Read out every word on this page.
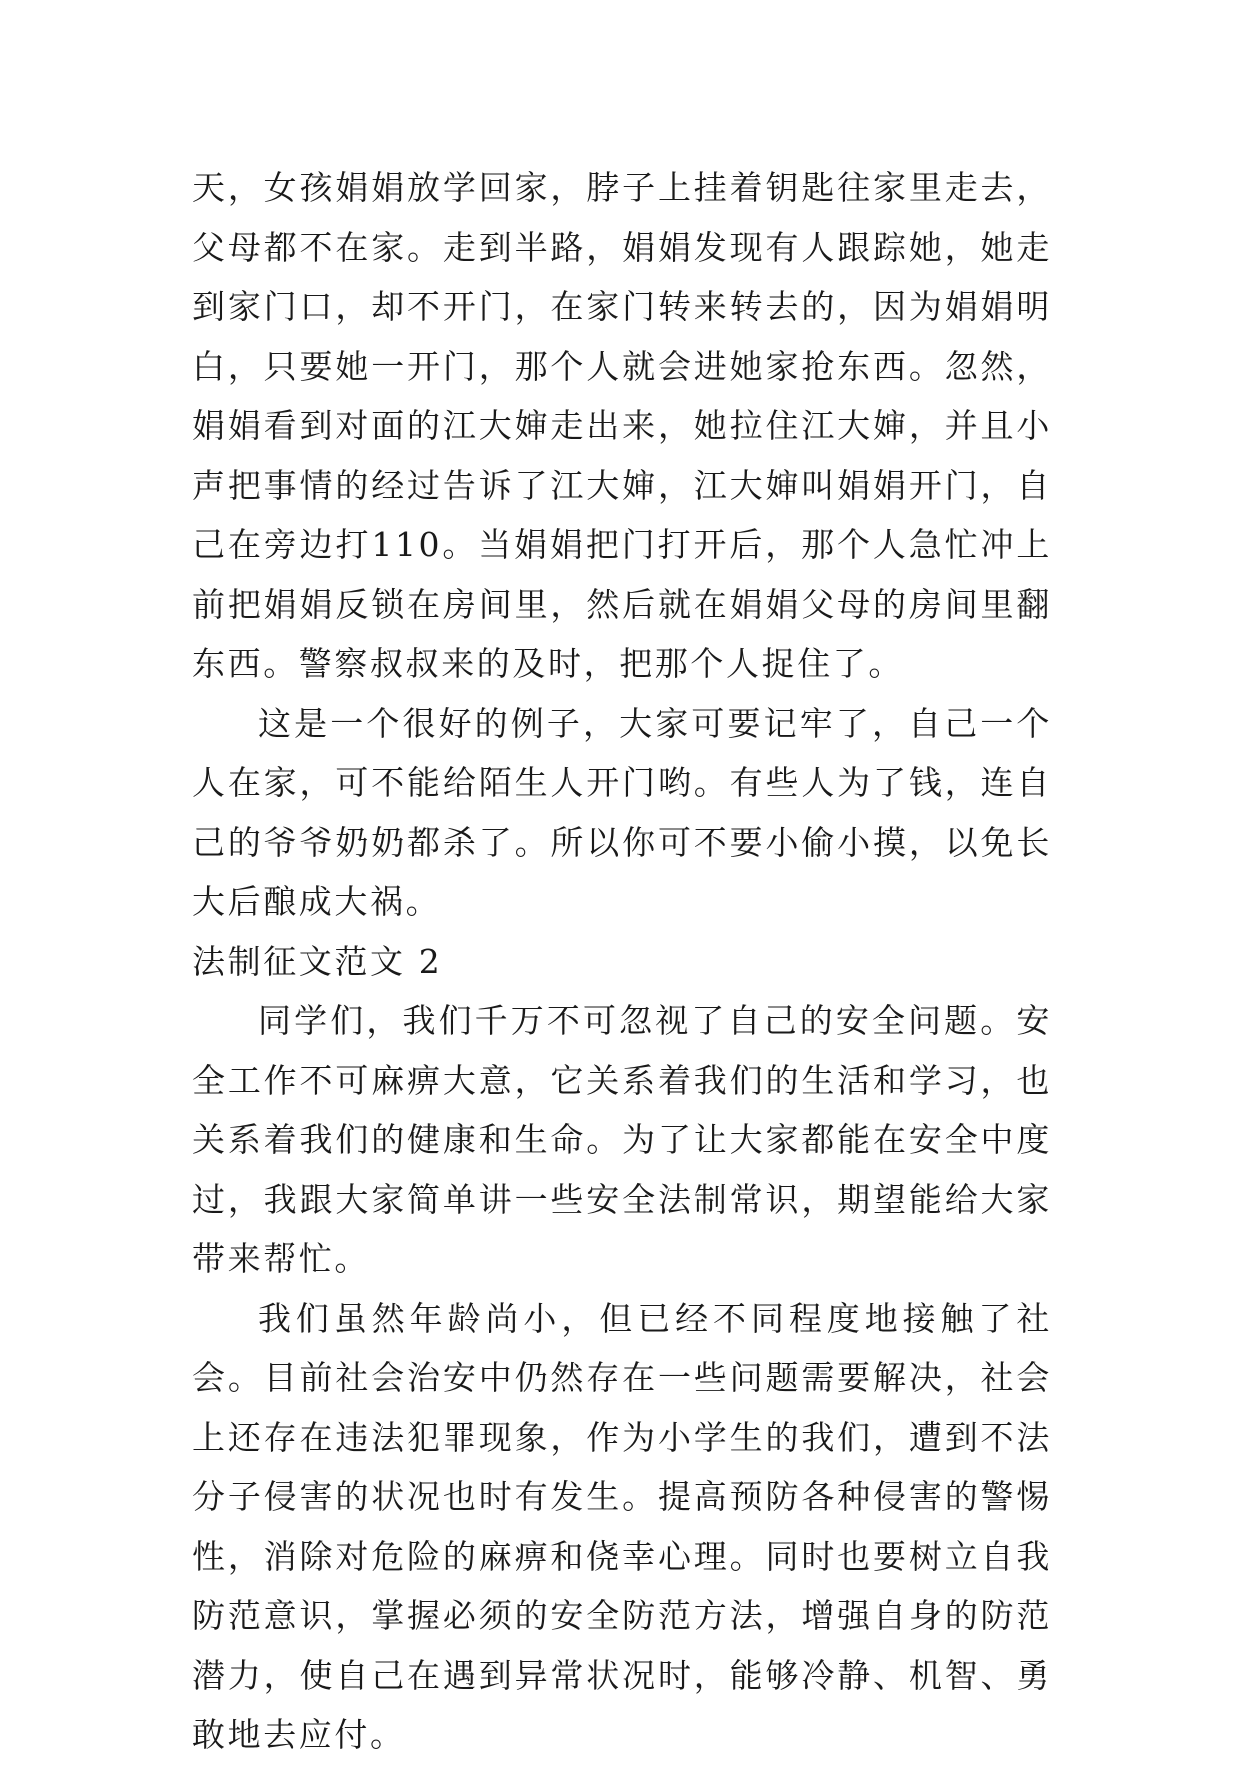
天，女孩娟娟放学回家，脖子上挂着钥匙往家里走去，父母都不在家。走到半路，娟娟发现有人跟踪她，她走到家门口，却不开门，在家门转来转去的，因为娟娟明白，只要她一开门，那个人就会进她家抢东西。忽然，娟娟看到对面的江大婶走出来，她拉住江大婶，并且小声把事情的经过告诉了江大婶，江大婶叫娟娟开门，自己在旁边打110。当娟娟把门打开后，那个人急忙冲上前把娟娟反锁在房间里，然后就在娟娟父母的房间里翻东西。警察叔叔来的及时，把那个人捉住了。

这是一个很好的例子，大家可要记牢了，自己一个人在家，可不能给陌生人开门哟。有些人为了钱，连自己的爷爷奶奶都杀了。所以你可不要小偷小摸，以免长大后酿成大祸。

法制征文范文 2

同学们，我们千万不可忽视了自己的安全问题。安全工作不可麻痹大意，它关系着我们的生活和学习，也关系着我们的健康和生命。为了让大家都能在安全中度过，我跟大家简单讲一些安全法制常识，期望能给大家带来帮忙。

我们虽然年龄尚小，但已经不同程度地接触了社会。目前社会治安中仍然存在一些问题需要解决，社会上还存在违法犯罪现象，作为小学生的我们，遭到不法分子侵害的状况也时有发生。提高预防各种侵害的警惕性，消除对危险的麻痹和侥幸心理。同时也要树立自我防范意识，掌握必须的安全防范方法，增强自身的防范潜力，使自己在遇到异常状况时，能够冷静、机智、勇敢地去应付。
